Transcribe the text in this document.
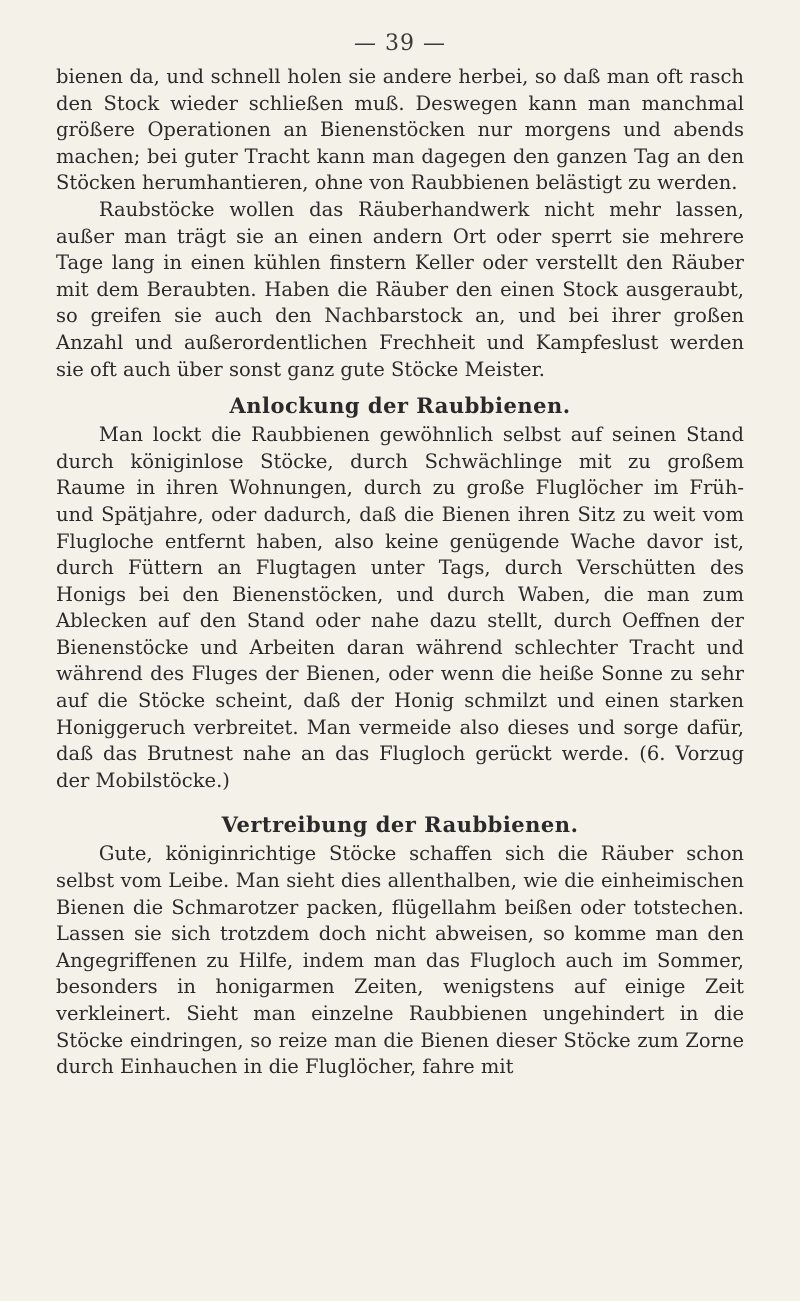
— 39 —

bienen da, und schnell holen sie andere herbei, so daß man oft rasch den Stock wieder schließen muß. Deswegen kann man manchmal größere Operationen an Bienenstöcken nur morgens und abends machen; bei guter Tracht kann man dagegen den ganzen Tag an den Stöcken herumhantieren, ohne von Raubbienen belästigt zu werden.

Raubstöcke wollen das Räuberhandwerk nicht mehr lassen, außer man trägt sie an einen andern Ort oder sperrt sie mehrere Tage lang in einen kühlen finstern Keller oder verstellt den Räuber mit dem Beraubten. Haben die Räuber den einen Stock ausgeraubt, so greifen sie auch den Nachbarstock an, und bei ihrer großen Anzahl und außerordentlichen Frechheit und Kampfeslust werden sie oft auch über sonst ganz gute Stöcke Meister.

Anlockung der Raubbienen.

Man lockt die Raubbienen gewöhnlich selbst auf seinen Stand durch königinlose Stöcke, durch Schwächlinge mit zu großem Raume in ihren Wohnungen, durch zu große Fluglöcher im Früh- und Spätjahre, oder dadurch, daß die Bienen ihren Sitz zu weit vom Flugloche entfernt haben, also keine genügende Wache davor ist, durch Füttern an Flugtagen unter Tags, durch Verschütten des Honigs bei den Bienenstöcken, und durch Waben, die man zum Ablecken auf den Stand oder nahe dazu stellt, durch Oeffnen der Bienenstöcke und Arbeiten daran während schlechter Tracht und während des Fluges der Bienen, oder wenn die heiße Sonne zu sehr auf die Stöcke scheint, daß der Honig schmilzt und einen starken Honiggeruch verbreitet. Man vermeide also dieses und sorge dafür, daß das Brutnest nahe an das Flugloch gerückt werde. (6. Vorzug der Mobilstöcke.)

Vertreibung der Raubbienen.

Gute, königinrichtige Stöcke schaffen sich die Räuber schon selbst vom Leibe. Man sieht dies allenthalben, wie die einheimischen Bienen die Schmarotzer packen, flügellahm beißen oder totstechen. Lassen sie sich trotzdem doch nicht abweisen, so komme man den Angegriffenen zu Hilfe, indem man das Flugloch auch im Sommer, besonders in honigarmen Zeiten, wenigstens auf einige Zeit verkleinert. Sieht man einzelne Raubbienen ungehindert in die Stöcke eindringen, so reize man die Bienen dieser Stöcke zum Zorne durch Einhauchen in die Fluglöcher, fahre mit
